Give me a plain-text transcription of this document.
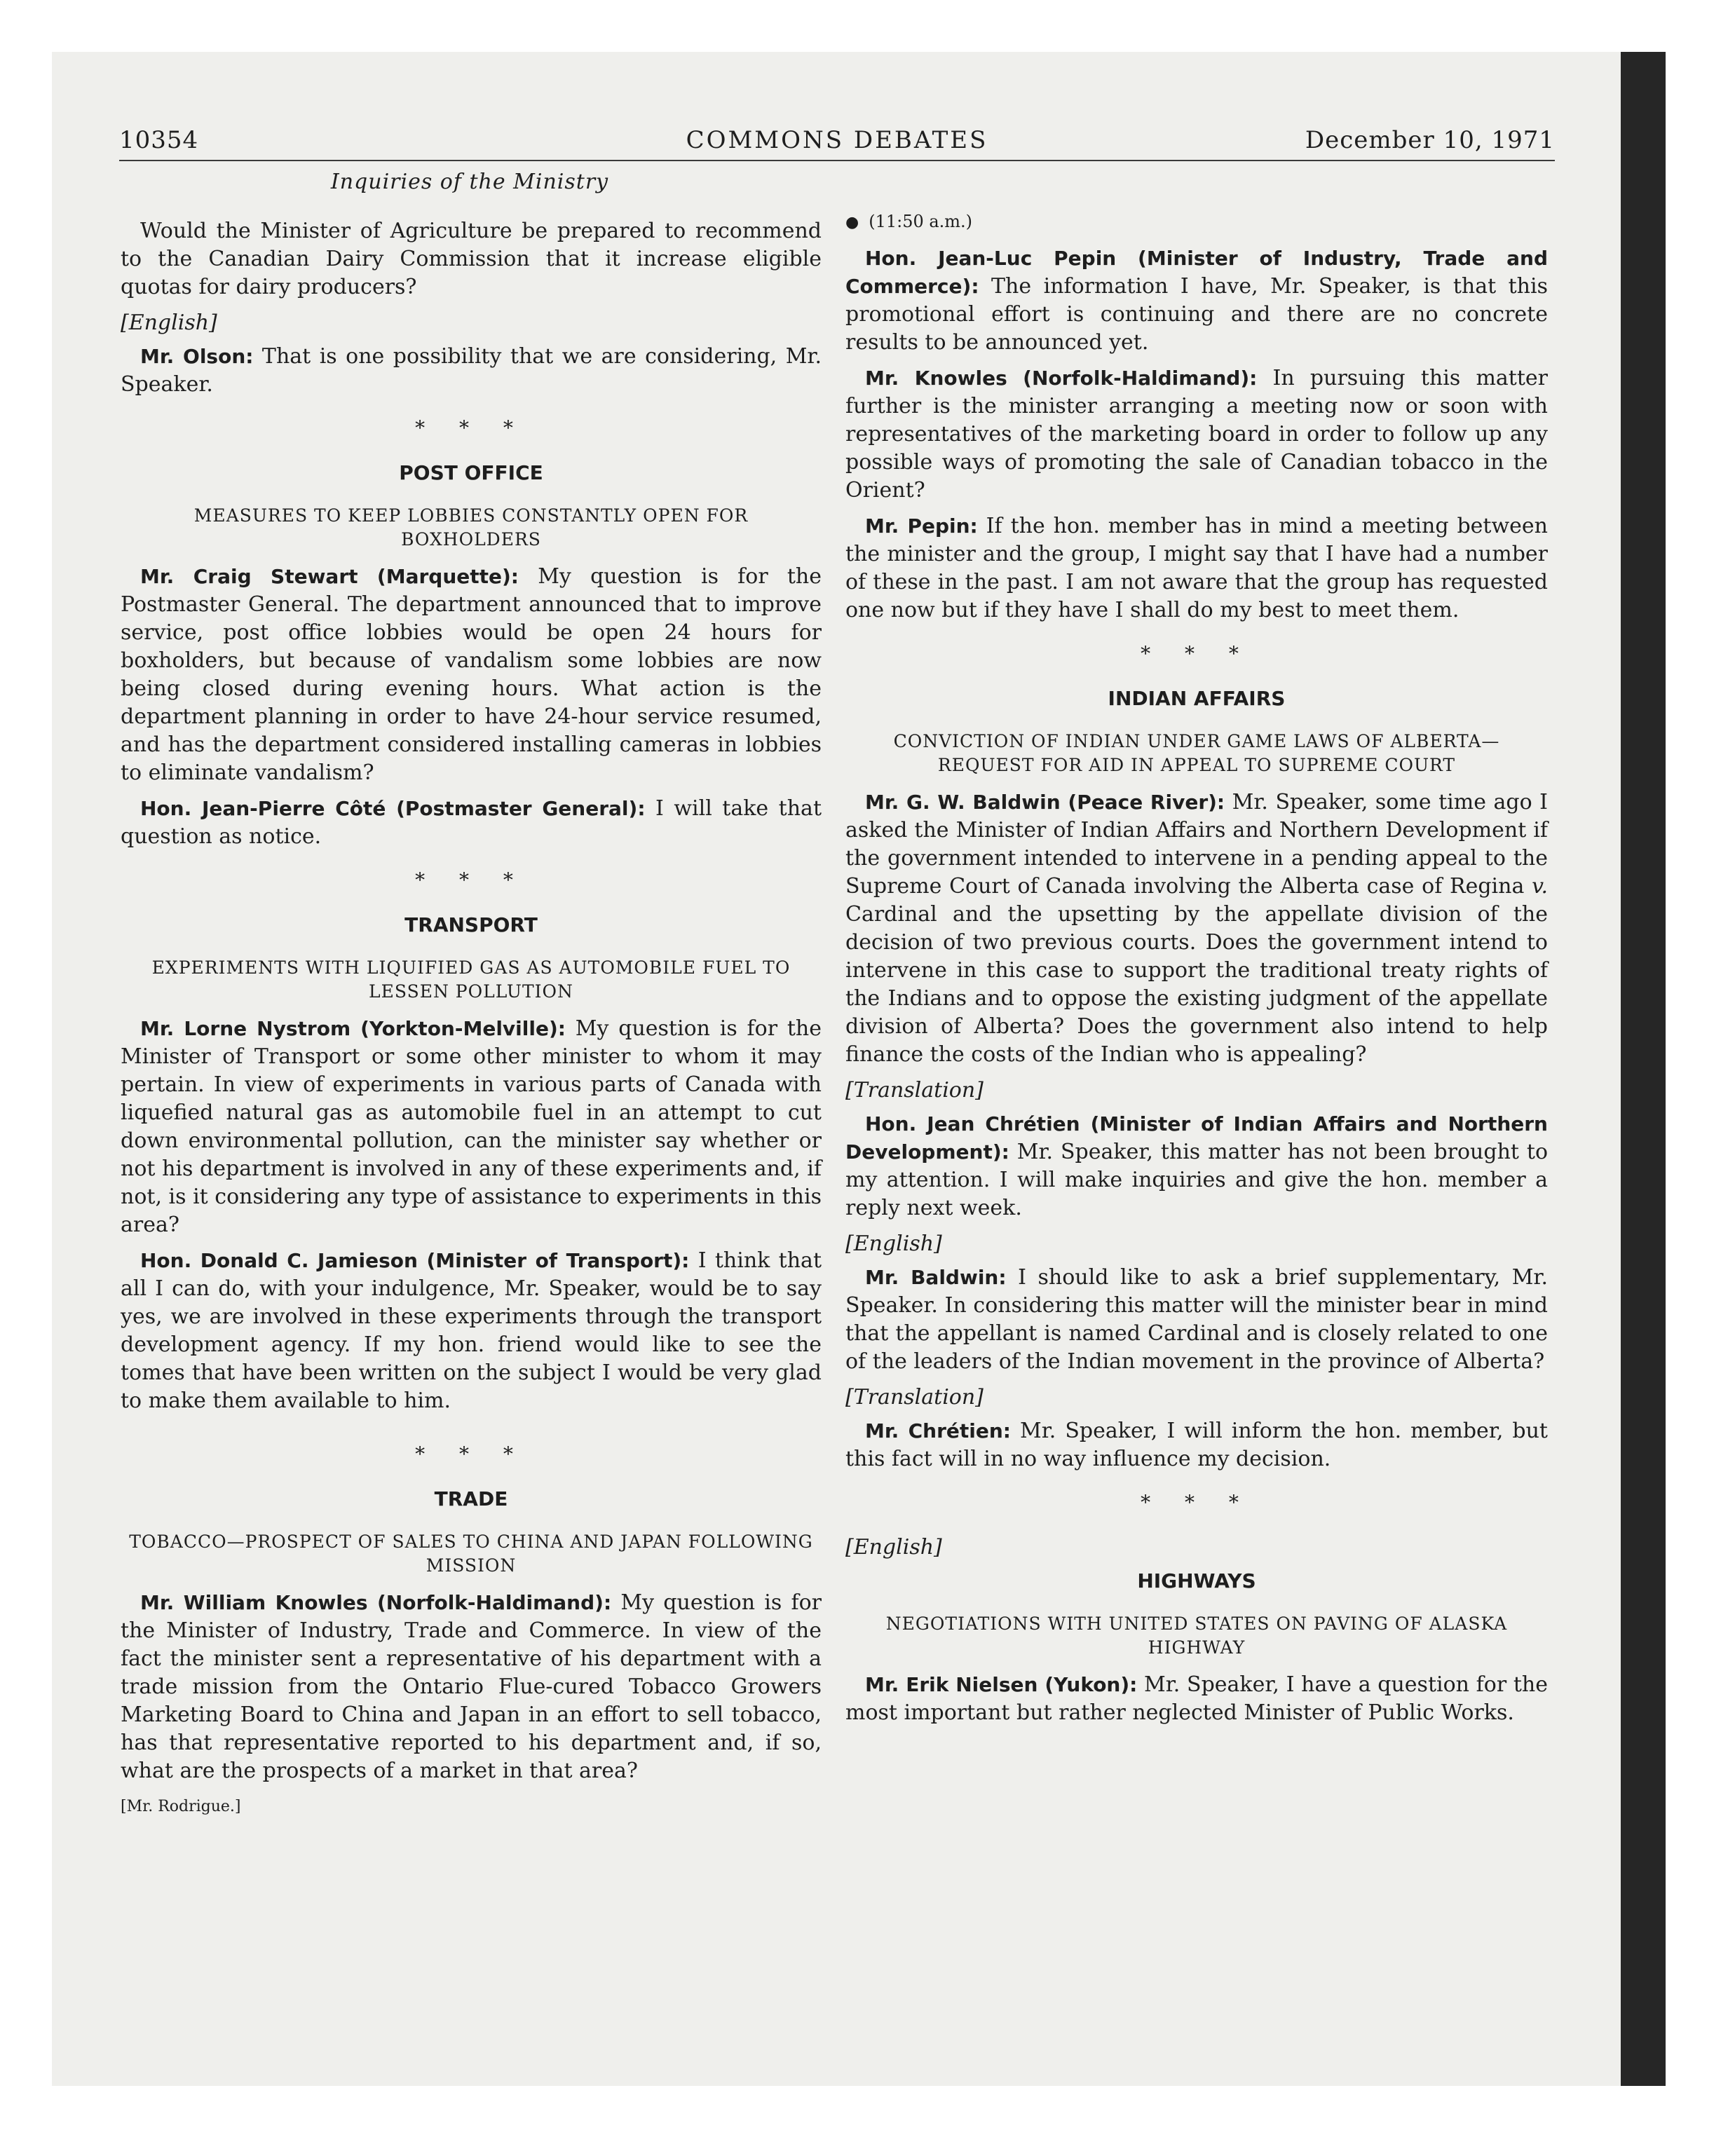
10354	COMMONS DEBATES	December 10, 1971
Inquiries of the Ministry

Would the Minister of Agriculture be prepared to recommend to the Canadian Dairy Commission that it increase eligible quotas for dairy producers?

[English]

Mr. Olson: That is one possibility that we are considering, Mr. Speaker.

* * *
POST OFFICE
MEASURES TO KEEP LOBBIES CONSTANTLY OPEN FOR BOXHOLDERS

Mr. Craig Stewart (Marquette): My question is for the Postmaster General. The department announced that to improve service, post office lobbies would be open 24 hours for boxholders, but because of vandalism some lobbies are now being closed during evening hours. What action is the department planning in order to have 24-hour service resumed, and has the department considered installing cameras in lobbies to eliminate vandalism?

Hon. Jean-Pierre Côté (Postmaster General): I will take that question as notice.

* * *
TRANSPORT
EXPERIMENTS WITH LIQUIFIED GAS AS AUTOMOBILE FUEL TO LESSEN POLLUTION

Mr. Lorne Nystrom (Yorkton-Melville): My question is for the Minister of Transport or some other minister to whom it may pertain. In view of experiments in various parts of Canada with liquefied natural gas as automobile fuel in an attempt to cut down environmental pollution, can the minister say whether or not his department is involved in any of these experiments and, if not, is it considering any type of assistance to experiments in this area?

Hon. Donald C. Jamieson (Minister of Transport): I think that all I can do, with your indulgence, Mr. Speaker, would be to say yes, we are involved in these experiments through the transport development agency. If my hon. friend would like to see the tomes that have been written on the subject I would be very glad to make them available to him.

* * *
TRADE
TOBACCO—PROSPECT OF SALES TO CHINA AND JAPAN FOLLOWING MISSION

Mr. William Knowles (Norfolk-Haldimand): My question is for the Minister of Industry, Trade and Commerce. In view of the fact the minister sent a representative of his department with a trade mission from the Ontario Flue-cured Tobacco Growers Marketing Board to China and Japan in an effort to sell tobacco, has that representative reported to his department and, if so, what are the prospects of a market in that area?

[Mr. Rodrigue.]

● (11:50 a.m.)

Hon. Jean-Luc Pepin (Minister of Industry, Trade and Commerce): The information I have, Mr. Speaker, is that this promotional effort is continuing and there are no concrete results to be announced yet.

Mr. Knowles (Norfolk-Haldimand): In pursuing this matter further is the minister arranging a meeting now or soon with representatives of the marketing board in order to follow up any possible ways of promoting the sale of Canadian tobacco in the Orient?

Mr. Pepin: If the hon. member has in mind a meeting between the minister and the group, I might say that I have had a number of these in the past. I am not aware that the group has requested one now but if they have I shall do my best to meet them.

* * *
INDIAN AFFAIRS
CONVICTION OF INDIAN UNDER GAME LAWS OF ALBERTA—REQUEST FOR AID IN APPEAL TO SUPREME COURT

Mr. G. W. Baldwin (Peace River): Mr. Speaker, some time ago I asked the Minister of Indian Affairs and Northern Development if the government intended to intervene in a pending appeal to the Supreme Court of Canada involving the Alberta case of Regina v. Cardinal and the upsetting by the appellate division of the decision of two previous courts. Does the government intend to intervene in this case to support the traditional treaty rights of the Indians and to oppose the existing judgment of the appellate division of Alberta? Does the government also intend to help finance the costs of the Indian who is appealing?

[Translation]

Hon. Jean Chrétien (Minister of Indian Affairs and Northern Development): Mr. Speaker, this matter has not been brought to my attention. I will make inquiries and give the hon. member a reply next week.

[English]

Mr. Baldwin: I should like to ask a brief supplementary, Mr. Speaker. In considering this matter will the minister bear in mind that the appellant is named Cardinal and is closely related to one of the leaders of the Indian movement in the province of Alberta?

[Translation]

Mr. Chrétien: Mr. Speaker, I will inform the hon. member, but this fact will in no way influence my decision.

* * *

[English]

HIGHWAYS
NEGOTIATIONS WITH UNITED STATES ON PAVING OF ALASKA HIGHWAY

Mr. Erik Nielsen (Yukon): Mr. Speaker, I have a question for the most important but rather neglected Minister of Public Works.
